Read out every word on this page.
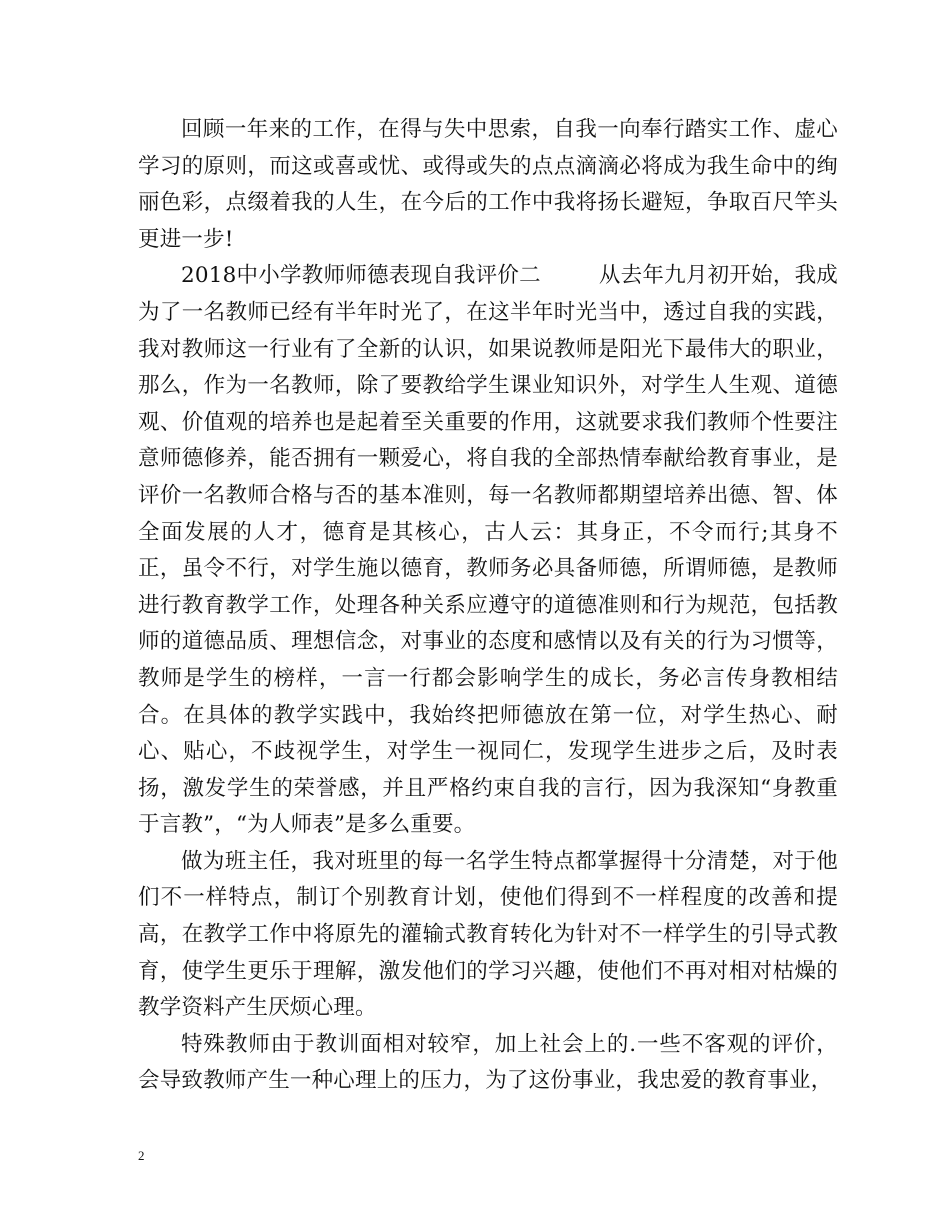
回顾一年来的工作，在得与失中思索，自我一向奉行踏实工作、虚心学习的原则，而这或喜或忧、或得或失的点点滴滴必将成为我生命中的绚丽色彩，点缀着我的人生，在今后的工作中我将扬长避短，争取百尺竿头更进一步!

2018中小学教师师德表现自我评价二	从去年九月初开始，我成为了一名教师已经有半年时光了，在这半年时光当中，透过自我的实践，我对教师这一行业有了全新的认识，如果说教师是阳光下最伟大的职业，那么，作为一名教师，除了要教给学生课业知识外，对学生人生观、道德观、价值观的培养也是起着至关重要的作用，这就要求我们教师个性要注意师德修养，能否拥有一颗爱心，将自我的全部热情奉献给教育事业，是评价一名教师合格与否的基本准则，每一名教师都期望培养出德、智、体全面发展的人才，德育是其核心，古人云：其身正，不令而行;其身不正，虽令不行，对学生施以德育，教师务必具备师德，所谓师德，是教师进行教育教学工作，处理各种关系应遵守的道德准则和行为规范，包括教师的道德品质、理想信念，对事业的态度和感情以及有关的行为习惯等，教师是学生的榜样，一言一行都会影响学生的成长，务必言传身教相结合。在具体的教学实践中，我始终把师德放在第一位，对学生热心、耐心、贴心，不歧视学生，对学生一视同仁，发现学生进步之后，及时表扬，激发学生的荣誉感，并且严格约束自我的言行，因为我深知“身教重于言教”，“为人师表”是多么重要。

做为班主任，我对班里的每一名学生特点都掌握得十分清楚，对于他们不一样特点，制订个别教育计划，使他们得到不一样程度的改善和提高，在教学工作中将原先的灌输式教育转化为针对不一样学生的引导式教育，使学生更乐于理解，激发他们的学习兴趣，使他们不再对相对枯燥的教学资料产生厌烦心理。

特殊教师由于教训面相对较窄，加上社会上的.一些不客观的评价，会导致教师产生一种心理上的压力，为了这份事业，我忠爱的教育事业，

2
